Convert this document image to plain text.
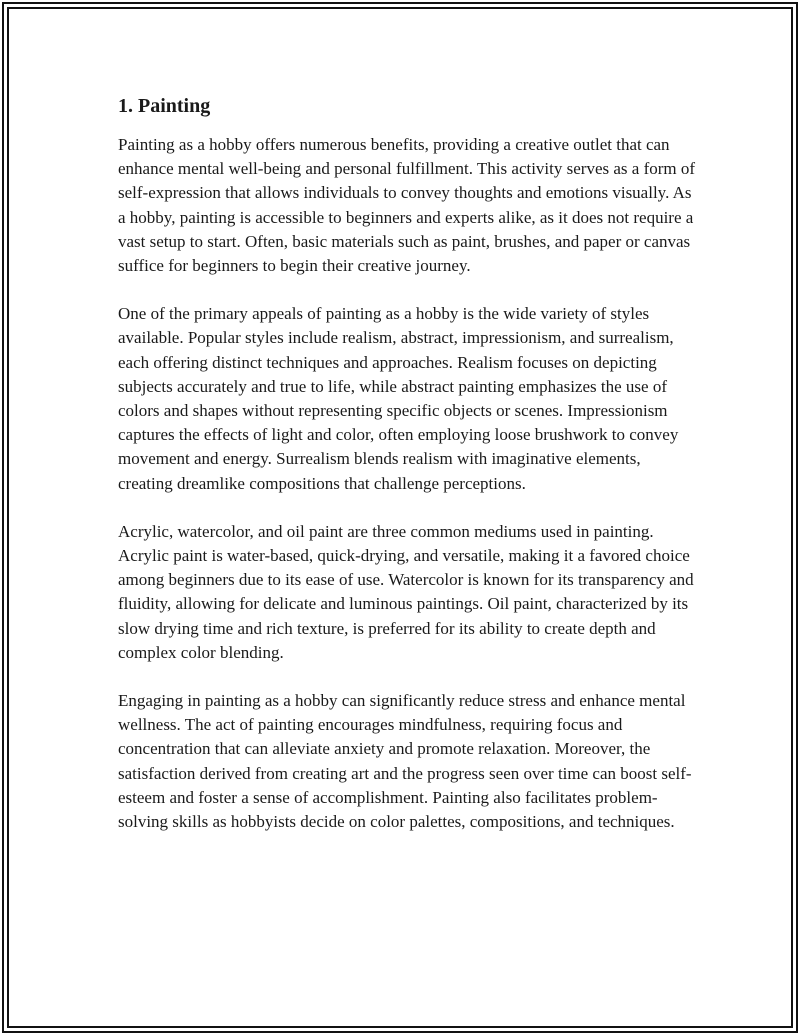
1. Painting

Painting as a hobby offers numerous benefits, providing a creative outlet that can enhance mental well-being and personal fulfillment. This activity serves as a form of self-expression that allows individuals to convey thoughts and emotions visually. As a hobby, painting is accessible to beginners and experts alike, as it does not require a vast setup to start. Often, basic materials such as paint, brushes, and paper or canvas suffice for beginners to begin their creative journey.

One of the primary appeals of painting as a hobby is the wide variety of styles available. Popular styles include realism, abstract, impressionism, and surrealism, each offering distinct techniques and approaches. Realism focuses on depicting subjects accurately and true to life, while abstract painting emphasizes the use of colors and shapes without representing specific objects or scenes. Impressionism captures the effects of light and color, often employing loose brushwork to convey movement and energy. Surrealism blends realism with imaginative elements, creating dreamlike compositions that challenge perceptions.

Acrylic, watercolor, and oil paint are three common mediums used in painting. Acrylic paint is water-based, quick-drying, and versatile, making it a favored choice among beginners due to its ease of use. Watercolor is known for its transparency and fluidity, allowing for delicate and luminous paintings. Oil paint, characterized by its slow drying time and rich texture, is preferred for its ability to create depth and complex color blending.

Engaging in painting as a hobby can significantly reduce stress and enhance mental wellness. The act of painting encourages mindfulness, requiring focus and concentration that can alleviate anxiety and promote relaxation. Moreover, the satisfaction derived from creating art and the progress seen over time can boost self-esteem and foster a sense of accomplishment. Painting also facilitates problem-solving skills as hobbyists decide on color palettes, compositions, and techniques.
